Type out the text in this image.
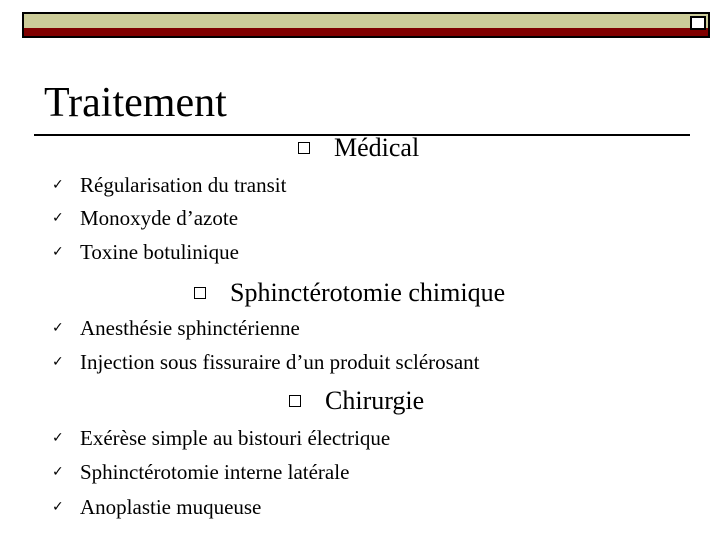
Traitement
Médical
✓ Régularisation du transit
✓ Monoxyde d’azote
✓ Toxine botulinique
Sphinctérotomie chimique
✓ Anesthésie sphinctérienne
✓ Injection sous fissuraire d’un produit sclérosant
Chirurgie
✓ Exérèse simple au bistouri électrique
✓ Sphinctérotomie interne latérale
✓ Anoplastie muqueuse
